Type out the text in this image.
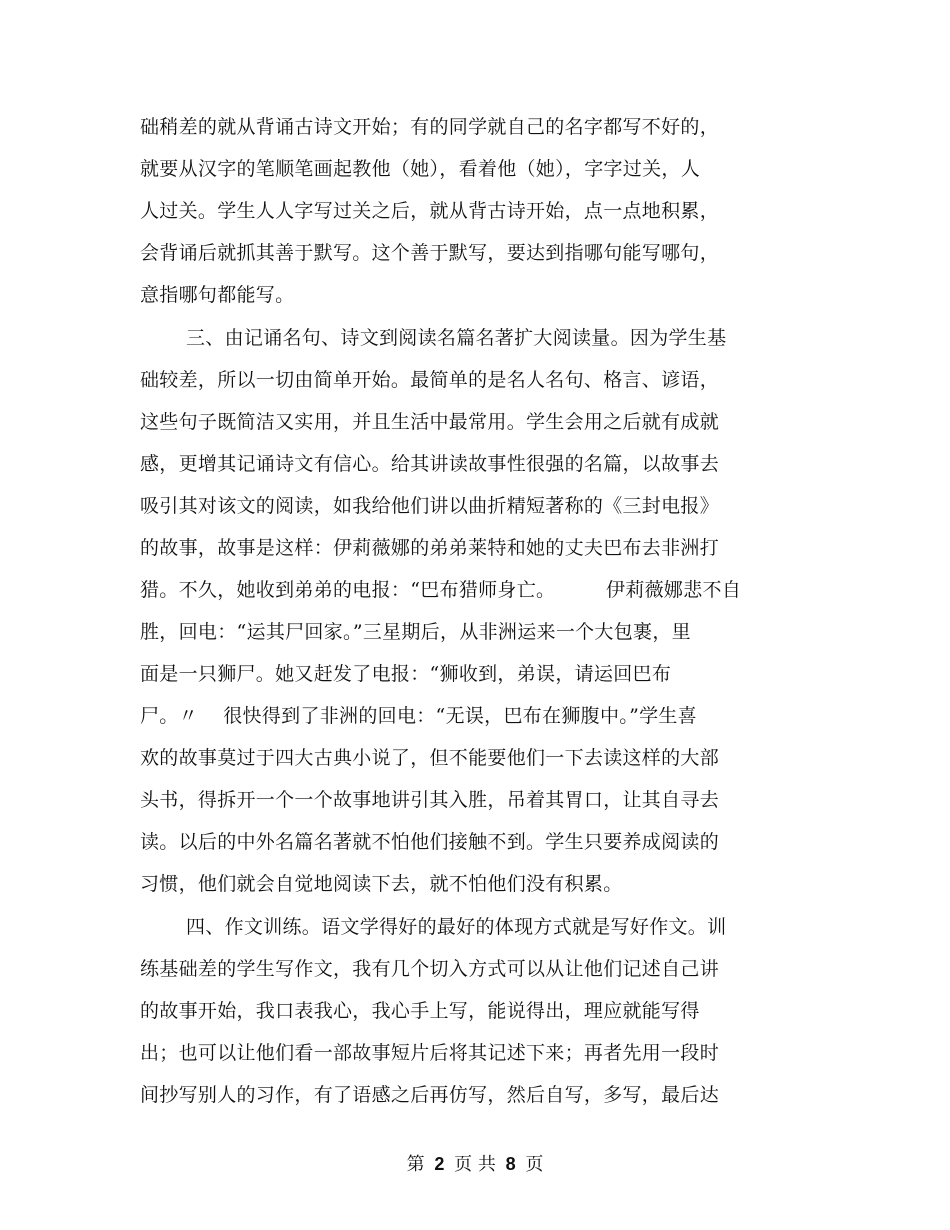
础稍差的就从背诵古诗文开始；有的同学就自己的名字都写不好的，
就要从汉字的笔顺笔画起教他（她），看着他（她），字字过关，人
人过关。学生人人字写过关之后，就从背古诗开始，点一点地积累，
会背诵后就抓其善于默写。这个善于默写，要达到指哪句能写哪句，
意指哪句都能写。
三、由记诵名句、诗文到阅读名篇名著扩大阅读量。因为学生基
础较差，所以一切由简单开始。最简单的是名人名句、格言、谚语，
这些句子既简洁又实用，并且生活中最常用。学生会用之后就有成就
感，更增其记诵诗文有信心。给其讲读故事性很强的名篇，以故事去
吸引其对该文的阅读，如我给他们讲以曲折精短著称的《三封电报》
的故事，故事是这样：伊莉薇娜的弟弟莱特和她的丈夫巴布去非洲打
猎。不久，她收到弟弟的电报：“巴布猎师身亡。        伊莉薇娜悲不自
胜，回电：“运其尸回家。”三星期后，从非洲运来一个大包裹，里
面是一只狮尸。她又赶发了电报：“狮收到，弟误，请运回巴布
尸。〃    很快得到了非洲的回电：“无误，巴布在狮腹中。”学生喜
欢的故事莫过于四大古典小说了，但不能要他们一下去读这样的大部
头书，得拆开一个一个故事地讲引其入胜，吊着其胃口，让其自寻去
读。以后的中外名篇名著就不怕他们接触不到。学生只要养成阅读的
习惯，他们就会自觉地阅读下去，就不怕他们没有积累。
四、作文训练。语文学得好的最好的体现方式就是写好作文。训
练基础差的学生写作文，我有几个切入方式可以从让他们记述自己讲
的故事开始，我口表我心，我心手上写，能说得出，理应就能写得
出；也可以让他们看一部故事短片后将其记述下来；再者先用一段时
间抄写别人的习作，有了语感之后再仿写，然后自写，多写，最后达
第 2 页 共 8 页
